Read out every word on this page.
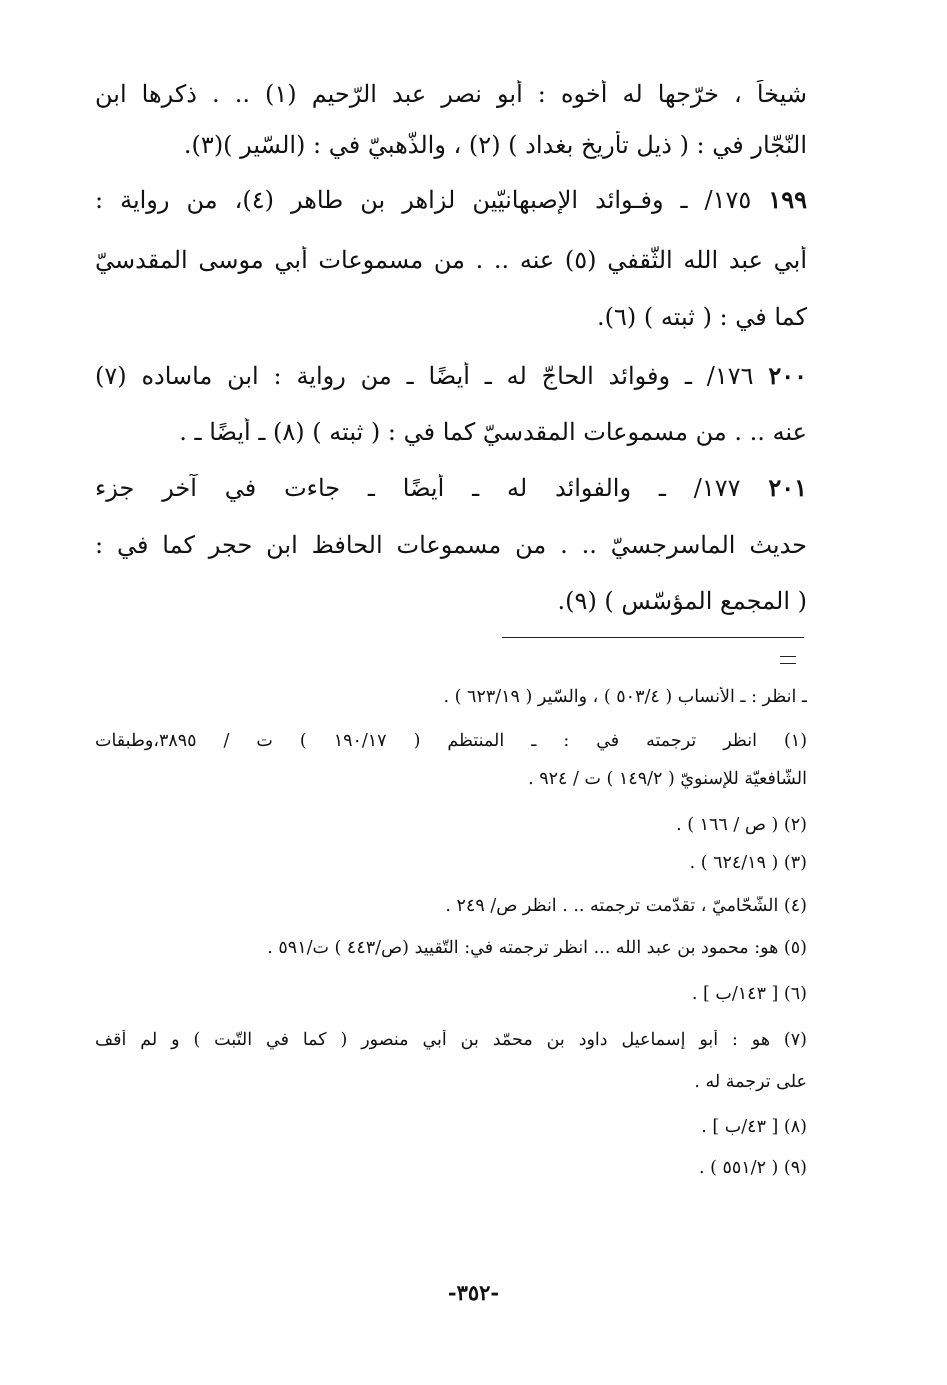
شيخاً ، خرّجها له أخوه : أبو نصر عبد الرّحيم (١) .. . ذكرها ابن
النّجّار في : ( ذيل تأريخ بغداد ) (٢) ، والذّهبيّ في : (السّير )(٣).
١٩٩ ١٧٥/ ـ وفـوائد الإصبهانيّين لزاهر بن طاهر (٤)، من رواية :
أبي عبد الله الثّقفي (٥) عنه .. . من مسموعات أبي موسى المقدسيّ
كما في : ( ثبته ) (٦).
٢٠٠ ١٧٦/ ـ وفوائد الحاجّ له ـ أيضًا ـ من رواية : ابن ماساده (٧)
عنه .. . من مسموعات المقدسيّ كما في : ( ثبته ) (٨) ـ أيضًا ـ .
٢٠١ ١٧٧/ ـ والفوائد له ـ أيضًا ـ جاءت في آخر جزء
حديث الماسرجسيّ .. . من مسموعات الحافظ ابن حجر كما في :
( المجمع المؤسّس ) (٩).
ـ انظر : ـ الأنساب ( ٥٠٣/٤ ) ، والسّير ( ٦٢٣/١٩ ) .
(١) انظر ترجمته في : ـ المنتظم ( ١٩٠/١٧ ) ت / ٣٨٩٥،وطبقات
الشّافعيّة للإسنويّ ( ١٤٩/٢ ) ت / ٩٢٤ .
(٢) ( ص / ١٦٦ ) .
(٣) ( ٦٢٤/١٩ ) .
(٤) الشّحّاميّ ، تقدّمت ترجمته .. . انظر ص/ ٢٤٩ .
(٥) هو: محمود بن عبد الله ... انظر ترجمته في: التّقييد (ص/٤٤٣ ) ت/٥٩١ .
(٦) [ ١٤٣/ب ] .
(٧) هو : أبو إسماعيل داود بن محمّد بن أبي منصور ( كما في التّبت ) و لم أقف
على ترجمة له .
(٨) [ ٤٣/ب ] .
(٩) ( ٥٥١/٢ ) .
-٣٥٢-
